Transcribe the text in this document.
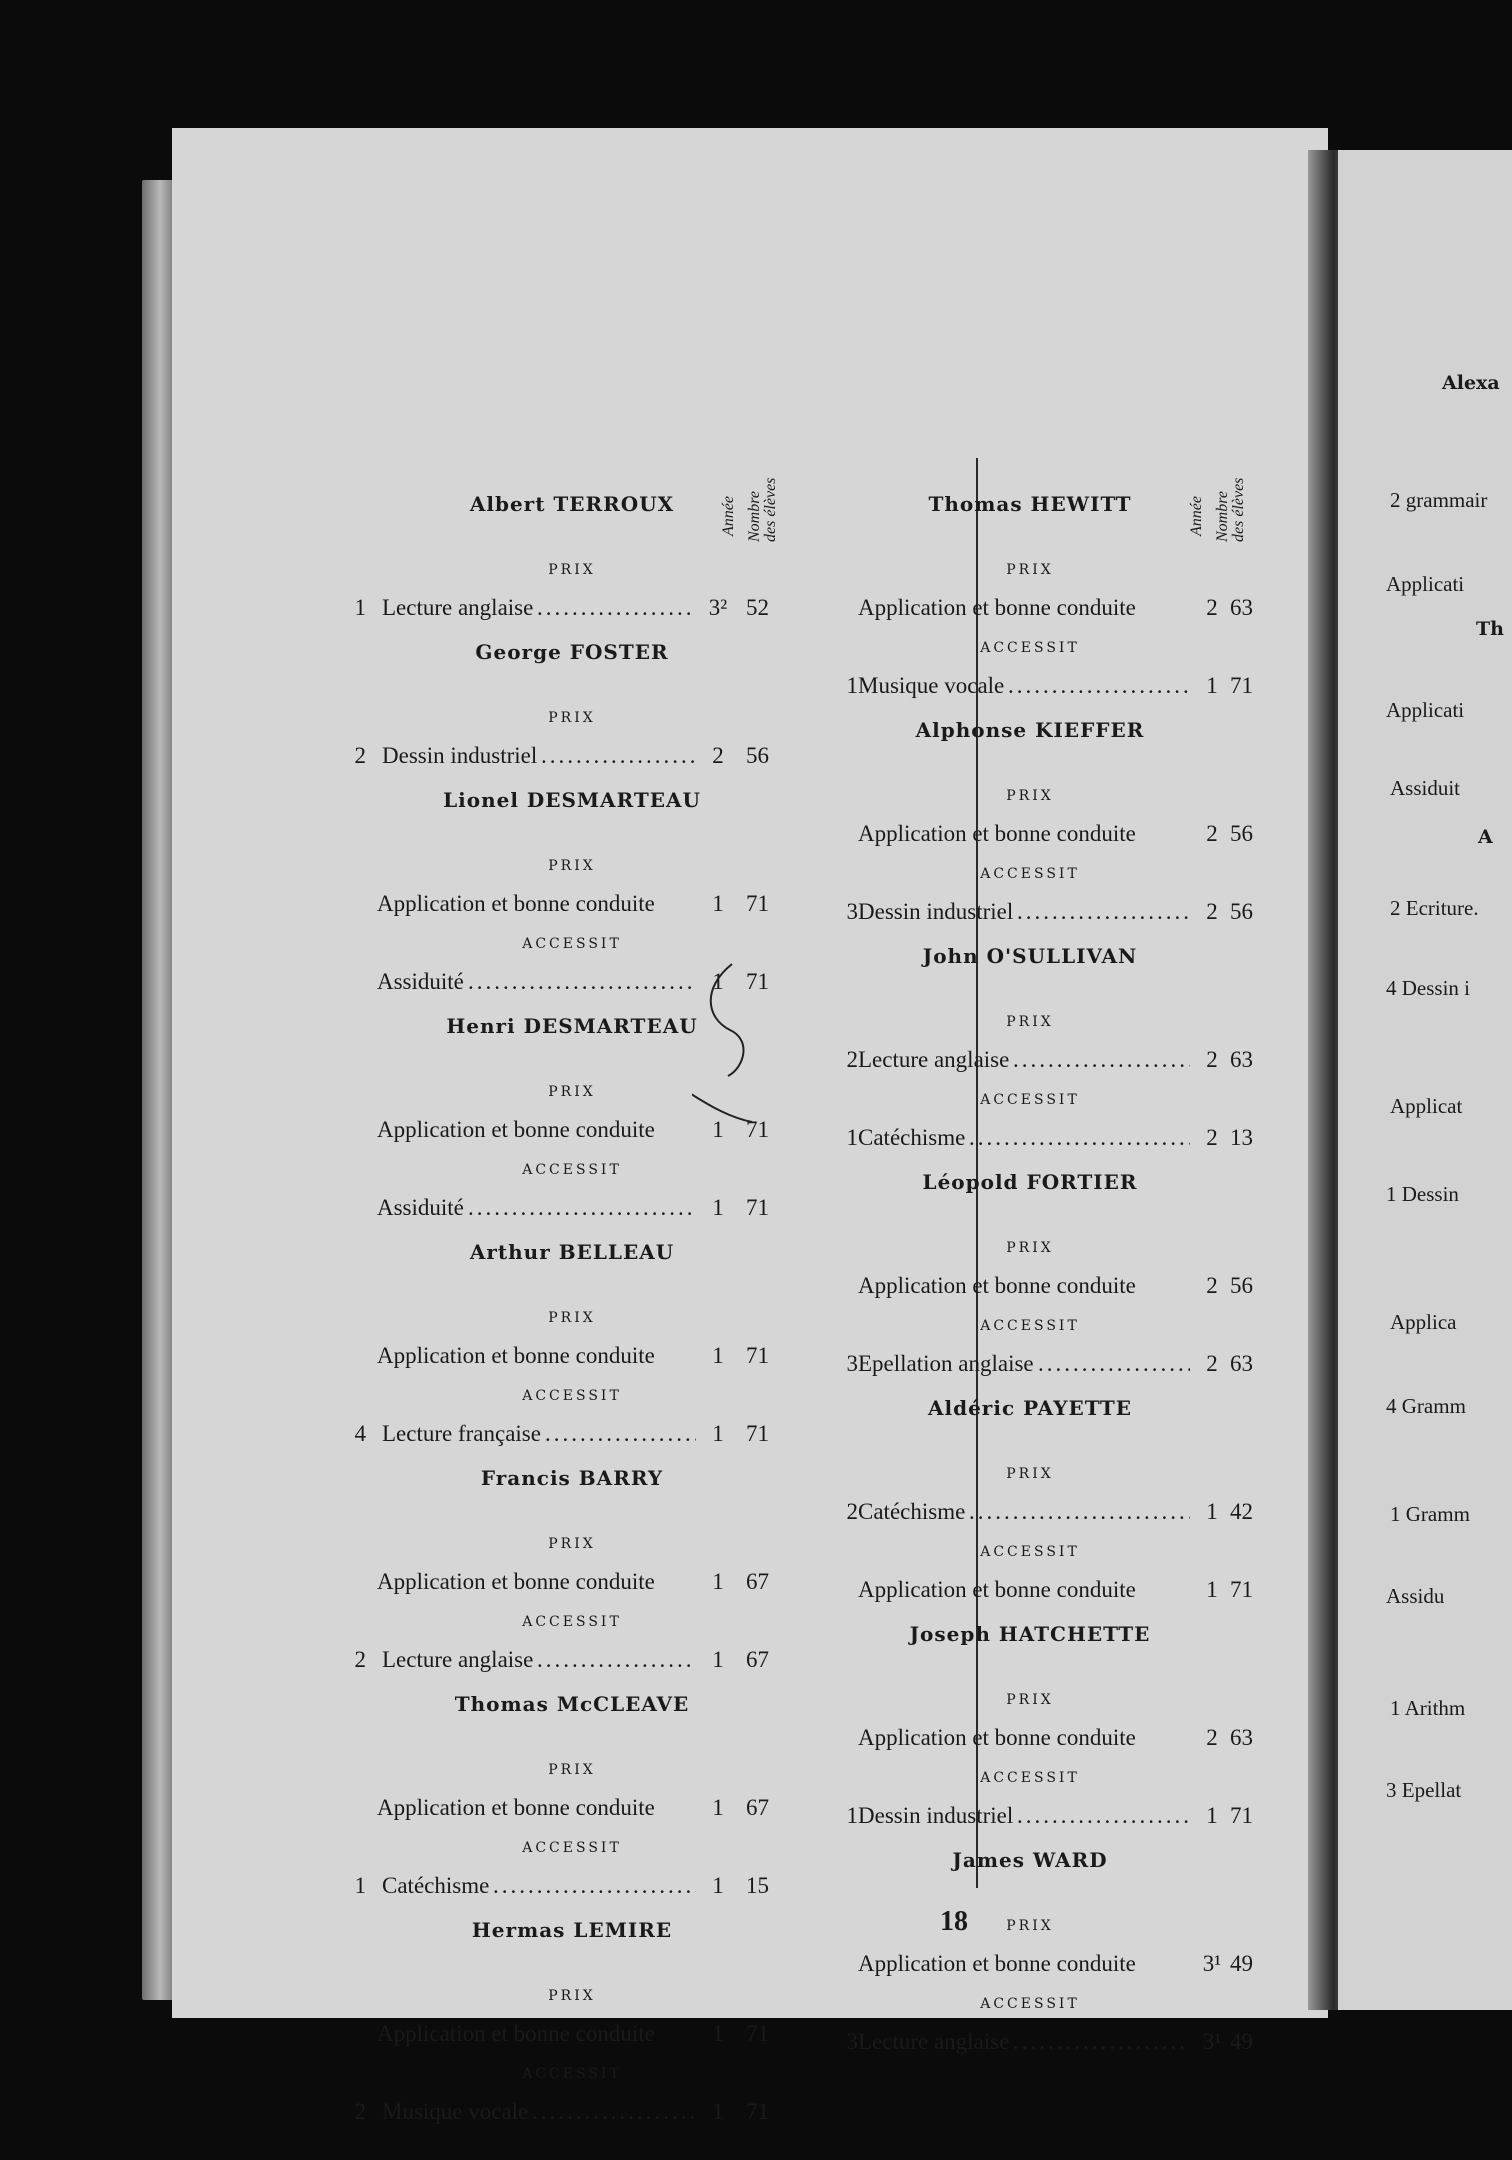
Albert TERROUX
PRIX
1 Lecture anglaise .....	3² 52
George FOSTER
PRIX
2 Dessin industriel .....	2 56
Lionel DESMARTEAU
PRIX
Application et bonne conduite	1 71
ACCESSIT
Assiduité .....	1 71
Henri DESMARTEAU
PRIX
Application et bonne conduite	1 71
ACCESSIT
Assiduité .....	1 71
Arthur BELLEAU
PRIX
Application et bonne conduite	1 71
ACCESSIT
4 Lecture française .....	1 71
Francis BARRY
PRIX
Application et bonne conduite	1 67
ACCESSIT
2 Lecture anglaise .....	1 67
Thomas McCLEAVE
PRIX
Application et bonne conduite	1 67
ACCESSIT
1 Catéchisme .....	1 15
Hermas LEMIRE
PRIX
Application et bonne conduite	1 71
ACCESSIT
2 Musique vocale .....	1 71
Thomas HEWITT
PRIX
Application et bonne conduite	2 63
ACCESSIT
1 Musique vocale .....	1 71
Alphonse KIEFFER
PRIX
Application et bonne conduite	2 56
ACCESSIT
3 Dessin industriel .....	2 56
John O'SULLIVAN
PRIX
2 Lecture anglaise .....	2 63
ACCESSIT
1 Catéchisme .....	2 13
Léopold FORTIER
PRIX
Application et bonne conduite	2 56
ACCESSIT
3 Epellation anglaise .....	2 63
Aldéric PAYETTE
PRIX
2 Catéchisme .....	1 42
ACCESSIT
Application et bonne conduite	1 71
Joseph HATCHETTE
PRIX
Application et bonne conduite	2 63
ACCESSIT
1 Dessin industriel .....	1 71
James WARD
PRIX
Application et bonne conduite	3¹ 49
ACCESSIT
3 Lecture anglaise .....	3¹ 49
Année Nombre des élèves	Année Nombre des élèves
18
Alexa
2 grammair
Applicati
Th
Applicati
Assiduit
A
2 Ecriture.
4 Dessin i
Applicat
1 Dessin
Applica
4 Gramm
1 Gramm
Assidu
1 Arithm
3 Epellat
